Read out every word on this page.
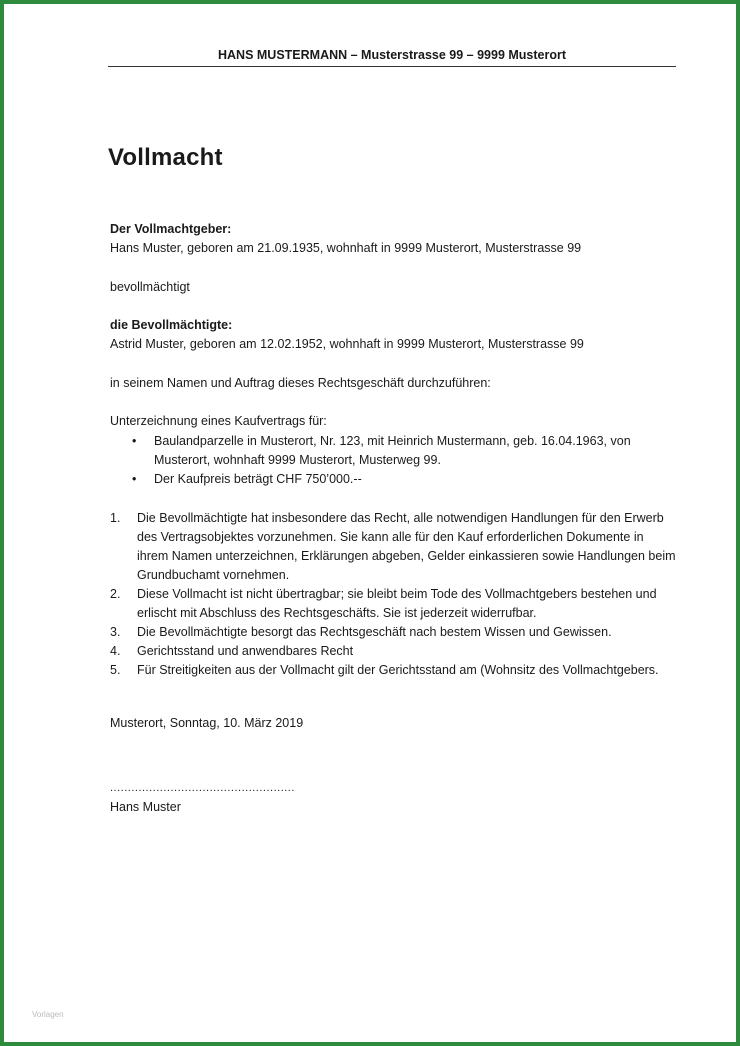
HANS MUSTERMANN – Musterstrasse 99 – 9999 Musterort
Vollmacht
Der Vollmachtgeber:
Hans Muster, geboren am 21.09.1935, wohnhaft in 9999 Musterort, Musterstrasse 99
bevollmächtigt
die Bevollmächtigte:
Astrid Muster, geboren am 12.02.1952, wohnhaft in 9999 Musterort, Musterstrasse 99
in seinem Namen und Auftrag dieses Rechtsgeschäft durchzuführen:
Unterzeichnung eines Kaufvertrags für:
• Baulandparzelle in Musterort, Nr. 123, mit Heinrich Mustermann, geb. 16.04.1963, von Musterort, wohnhaft 9999 Musterort, Musterweg 99.
• Der Kaufpreis beträgt CHF 750’000.--
1. Die Bevollmächtigte hat insbesondere das Recht, alle notwendigen Handlungen für den Erwerb des Vertragsobjektes vorzunehmen. Sie kann alle für den Kauf erforderlichen Dokumente in ihrem Namen unterzeichnen, Erklärungen abgeben, Gelder einkassieren sowie Handlungen beim Grundbuchamt vornehmen.
2. Diese Vollmacht ist nicht übertragbar; sie bleibt beim Tode des Vollmachtgebers bestehen und erlischt mit Abschluss des Rechtsgeschäfts. Sie ist jederzeit widerrufbar.
3. Die Bevollmächtigte besorgt das Rechtsgeschäft nach bestem Wissen und Gewissen.
4. Gerichtsstand und anwendbares Recht
5. Für Streitigkeiten aus der Vollmacht gilt der Gerichtsstand am (Wohnsitz des Vollmachtgebers.
Musterort, Sonntag, 10. März 2019
....................................................
Hans Muster
Vorlagen
